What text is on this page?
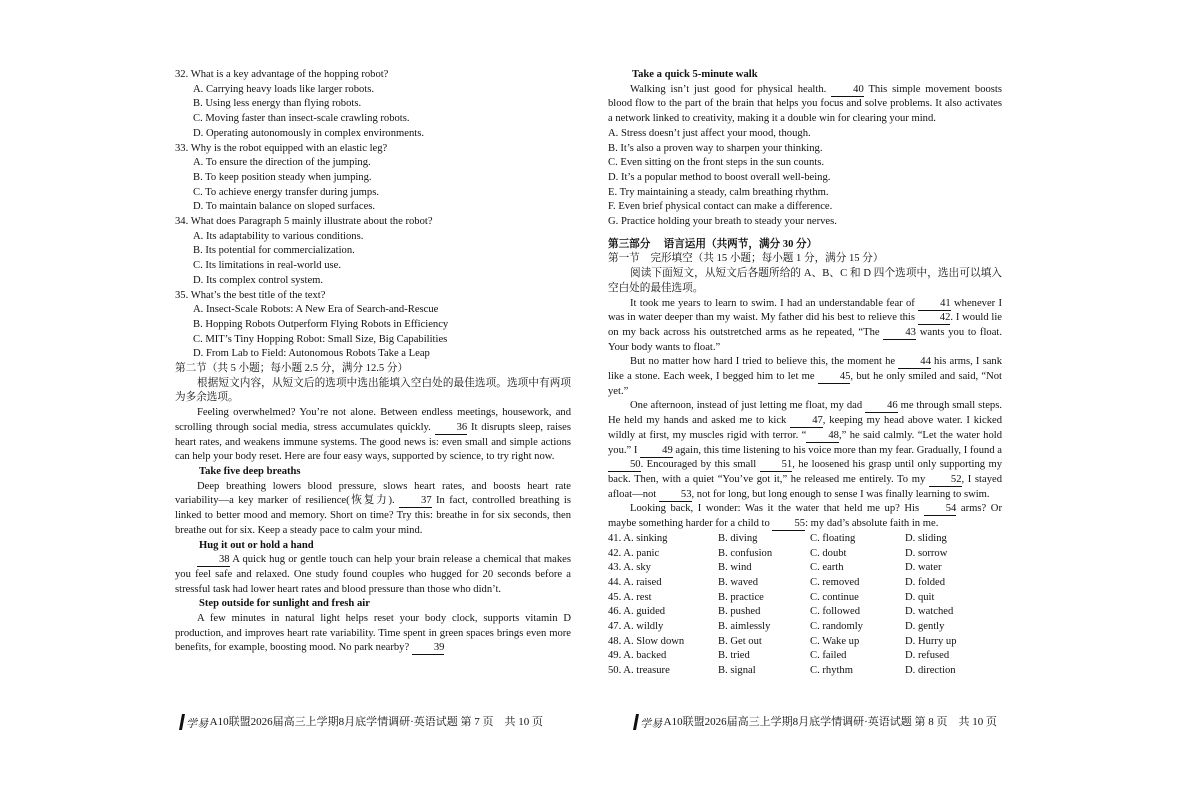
32. What is a key advantage of the hopping robot?

A. Carrying heavy loads like larger robots.

B. Using less energy than flying robots.

C. Moving faster than insect-scale crawling robots.

D. Operating autonomously in complex environments.

33. Why is the robot equipped with an elastic leg?

A. To ensure the direction of the jumping.

B. To keep position steady when jumping.

C. To achieve energy transfer during jumps.

D. To maintain balance on sloped surfaces.

34. What does Paragraph 5 mainly illustrate about the robot?

A. Its adaptability to various conditions.

B. Its potential for commercialization.

C. Its limitations in real-world use.

D. Its complex control system.

35. What’s the best title of the text?

A. Insect-Scale Robots: A New Era of Search-and-Rescue

B. Hopping Robots Outperform Flying Robots in Efficiency

C. MIT’s Tiny Hopping Robot: Small Size, Big Capabilities

D. From Lab to Field: Autonomous Robots Take a Leap

第二节（共 5 小题；每小题 2.5 分，满分 12.5 分）

根据短文内容，从短文后的选项中选出能填入空白处的最佳选项。选项中有两项为多余选项。

Feeling overwhelmed? You’re not alone. Between endless meetings, housework, and scrolling through social media, stress accumulates quickly. 36 It disrupts sleep, raises heart rates, and weakens immune systems. The good news is: even small and simple actions can help your body reset. Here are four easy ways, supported by science, to try right now.

Take five deep breaths

Deep breathing lowers blood pressure, slows heart rates, and boosts heart rate variability—a key marker of resilience(恢复力). 37 In fact, controlled breathing is linked to better mood and memory. Short on time? Try this: breathe in for six seconds, then breathe out for six. Keep a steady pace to calm your mind.

Hug it out or hold a hand

38 A quick hug or gentle touch can help your brain release a chemical that makes you feel safe and relaxed. One study found couples who hugged for 20 seconds before a stressful task had lower heart rates and blood pressure than those who didn’t.

Step outside for sunlight and fresh air

A few minutes in natural light helps reset your body clock, supports vitamin D production, and improves heart rate variability. Time spent in green spaces brings even more benefits, for example, boosting mood. No park nearby? 39

Take a quick 5-minute walk

Walking isn’t just good for physical health.	40 This simple movement boosts blood flow to the part of the brain that helps you focus and solve problems. It also activates a network linked to creativity, making it a double win for clearing your mind.

A. Stress doesn’t just affect your mood, though.

B. It’s also a proven way to sharpen your thinking.

C. Even sitting on the front steps in the sun counts.

D. It’s a popular method to boost overall well-being.

E. Try maintaining a steady, calm breathing rhythm.

F. Even brief physical contact can make a difference.

G. Practice holding your breath to steady your nerves.

第三部分　 语言运用（共两节，满分 30 分）

第一节　完形填空（共 15 小题；每小题 1 分，满分 15 分）

阅读下面短文，从短文后各题所给的 A、B、C 和 D 四个选项中，选出可以填入空白处的最佳选项。

It took me years to learn to swim. I had an understandable fear of 41 whenever I was in water deeper than my waist. My father did his best to relieve this 42. I would lie on my back across his outstretched arms as he repeated, “The 43 wants you to float. Your body wants to float.”

But no matter how hard I tried to believe this, the moment he 44 his arms, I sank like a stone. Each week, I begged him to let me 45, but he only smiled and said, “Not yet.”

One afternoon, instead of just letting me float, my dad 46 me through small steps. He held my hands and asked me to kick 47, keeping my head above water. I kicked wildly at first, my muscles rigid with terror. “ 48,” he said calmly. “Let the water hold you.” I 49 again, this time listening to his voice more than my fear. Gradually, I found a 50. Encouraged by this small 51, he loosened his grasp until only supporting my back. Then, with a quiet “You’ve got it,” he released me entirely. To my 52, I stayed afloat—not 53, not for long, but long enough to sense I was finally learning to swim.

Looking back, I wonder: Was it the water that held me up? His	54 arms? Or maybe something harder for a child to 55: my dad’s absolute faith in me.

41. A. sinking	B. diving	C. floating	D. sliding
42. A. panic	B. confusion	C. doubt	D. sorrow
43. A. sky	B. wind	C. earth	D. water
44. A. raised	B. waved	C. removed	D. folded
45. A. rest	B. practice	C. continue	D. quit
46. A. guided	B. pushed	C. followed	D. watched
47. A. wildly	B. aimlessly	C. randomly	D. gently
48. A. Slow down	B. Get out	C. Wake up	D. Hurry up
49. A. backed	B. tried	C. failed	D. refused
50. A. treasure	B. signal	C. rhythm	D. direction
学易
·A10联盟2026届高三上学期8月底学情调研·英语试题 第 7 页　共 10 页	学易
·A10联盟2026届高三上学期8月底学情调研·英语试题 第 8 页　共 10 页
